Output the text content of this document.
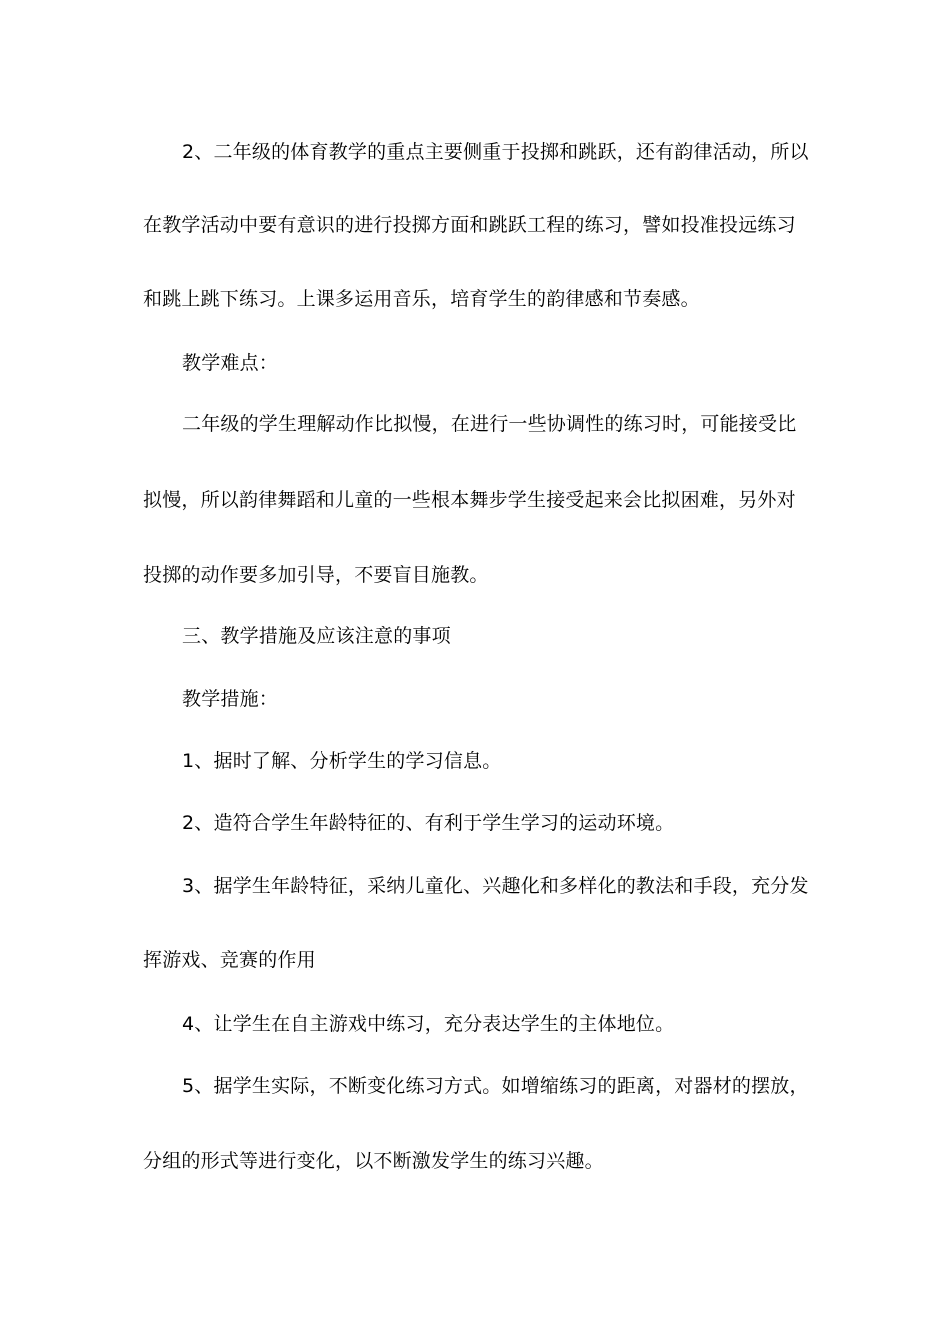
2、二年级的体育教学的重点主要侧重于投掷和跳跃，还有韵律活动，所以
在教学活动中要有意识的进行投掷方面和跳跃工程的练习，譬如投准投远练习
和跳上跳下练习。上课多运用音乐，培育学生的韵律感和节奏感。
教学难点：
二年级的学生理解动作比拟慢，在进行一些协调性的练习时，可能接受比
拟慢，所以韵律舞蹈和儿童的一些根本舞步学生接受起来会比拟困难，另外对
投掷的动作要多加引导，不要盲目施教。
三、教学措施及应该注意的事项
教学措施：
1、据时了解、分析学生的学习信息。
2、造符合学生年龄特征的、有利于学生学习的运动环境。
3、据学生年龄特征，采纳儿童化、兴趣化和多样化的教法和手段，充分发
挥游戏、竞赛的作用
4、让学生在自主游戏中练习，充分表达学生的主体地位。
5、据学生实际，不断变化练习方式。如增缩练习的距离，对器材的摆放，
分组的形式等进行变化，以不断激发学生的练习兴趣。
